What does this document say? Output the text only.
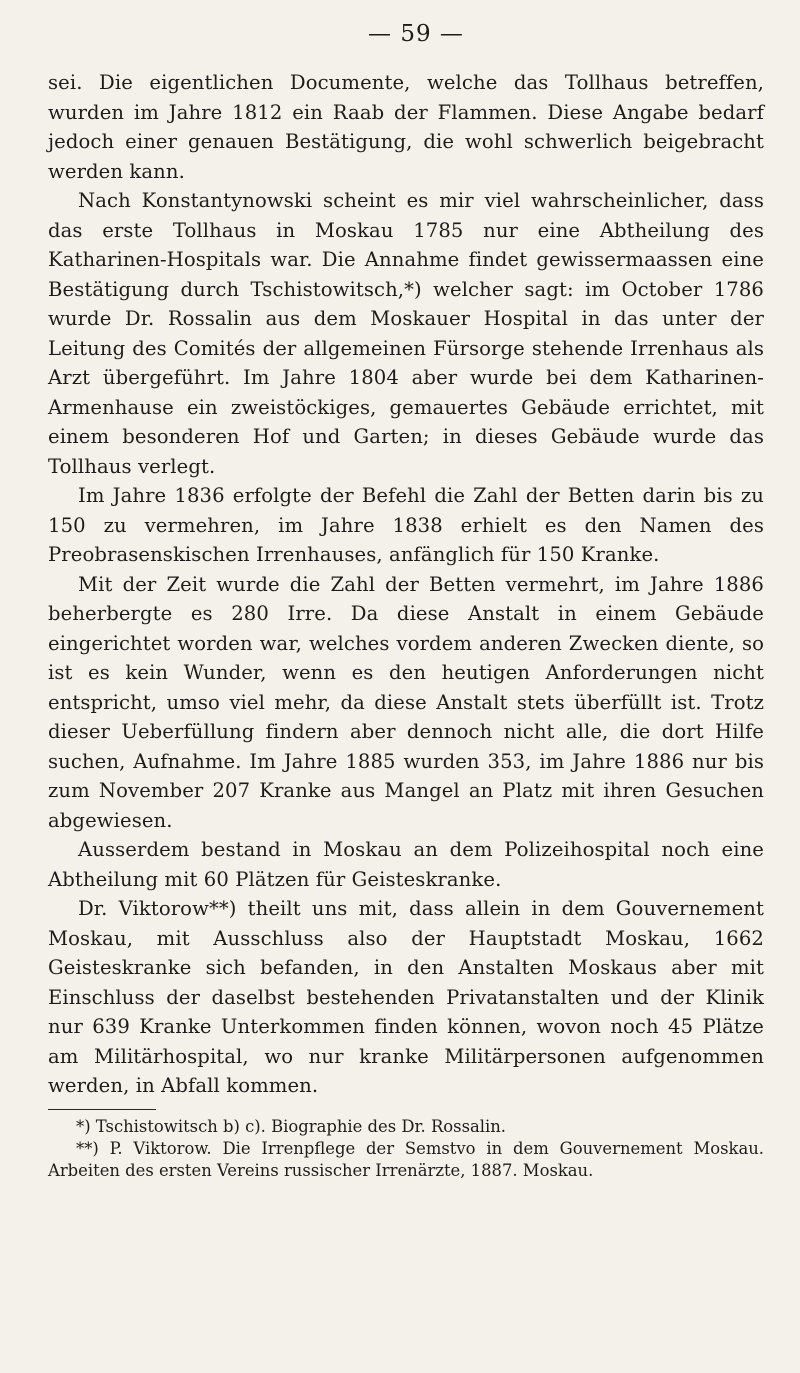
— 59 —

sei. Die eigentlichen Documente, welche das Tollhaus betreffen, wurden im Jahre 1812 ein Raab der Flammen. Diese Angabe bedarf jedoch einer genauen Bestätigung, die wohl schwerlich beigebracht werden kann.

Nach Konstantynowski scheint es mir viel wahrscheinlicher, dass das erste Tollhaus in Moskau 1785 nur eine Abtheilung des Katharinen-Hospitals war. Die Annahme findet gewissermaassen eine Bestätigung durch Tschistowitsch,*) welcher sagt: im October 1786 wurde Dr. Rossalin aus dem Moskauer Hospital in das unter der Leitung des Comités der allgemeinen Fürsorge stehende Irrenhaus als Arzt übergeführt. Im Jahre 1804 aber wurde bei dem Katharinen-Armenhause ein zweistöckiges, gemauertes Gebäude errichtet, mit einem besonderen Hof und Garten; in dieses Gebäude wurde das Tollhaus verlegt.

Im Jahre 1836 erfolgte der Befehl die Zahl der Betten darin bis zu 150 zu vermehren, im Jahre 1838 erhielt es den Namen des Preobrasenskischen Irrenhauses, anfänglich für 150 Kranke.

Mit der Zeit wurde die Zahl der Betten vermehrt, im Jahre 1886 beherbergte es 280 Irre. Da diese Anstalt in einem Gebäude eingerichtet worden war, welches vordem anderen Zwecken diente, so ist es kein Wunder, wenn es den heutigen Anforderungen nicht entspricht, umso viel mehr, da diese Anstalt stets überfüllt ist. Trotz dieser Ueberfüllung findern aber dennoch nicht alle, die dort Hilfe suchen, Aufnahme. Im Jahre 1885 wurden 353, im Jahre 1886 nur bis zum November 207 Kranke aus Mangel an Platz mit ihren Gesuchen abgewiesen.

Ausserdem bestand in Moskau an dem Polizeihospital noch eine Abtheilung mit 60 Plätzen für Geisteskranke.

Dr. Viktorow**) theilt uns mit, dass allein in dem Gouvernement Moskau, mit Ausschluss also der Hauptstadt Moskau, 1662 Geisteskranke sich befanden, in den Anstalten Moskaus aber mit Einschluss der daselbst bestehenden Privatanstalten und der Klinik nur 639 Kranke Unterkommen finden können, wovon noch 45 Plätze am Militärhospital, wo nur kranke Militärpersonen aufgenommen werden, in Abfall kommen.

*) Tschistowitsch b) c). Biographie des Dr. Rossalin.

**) P. Viktorow. Die Irrenpflege der Semstvo in dem Gouvernement Moskau. Arbeiten des ersten Vereins russischer Irrenärzte, 1887. Moskau.
